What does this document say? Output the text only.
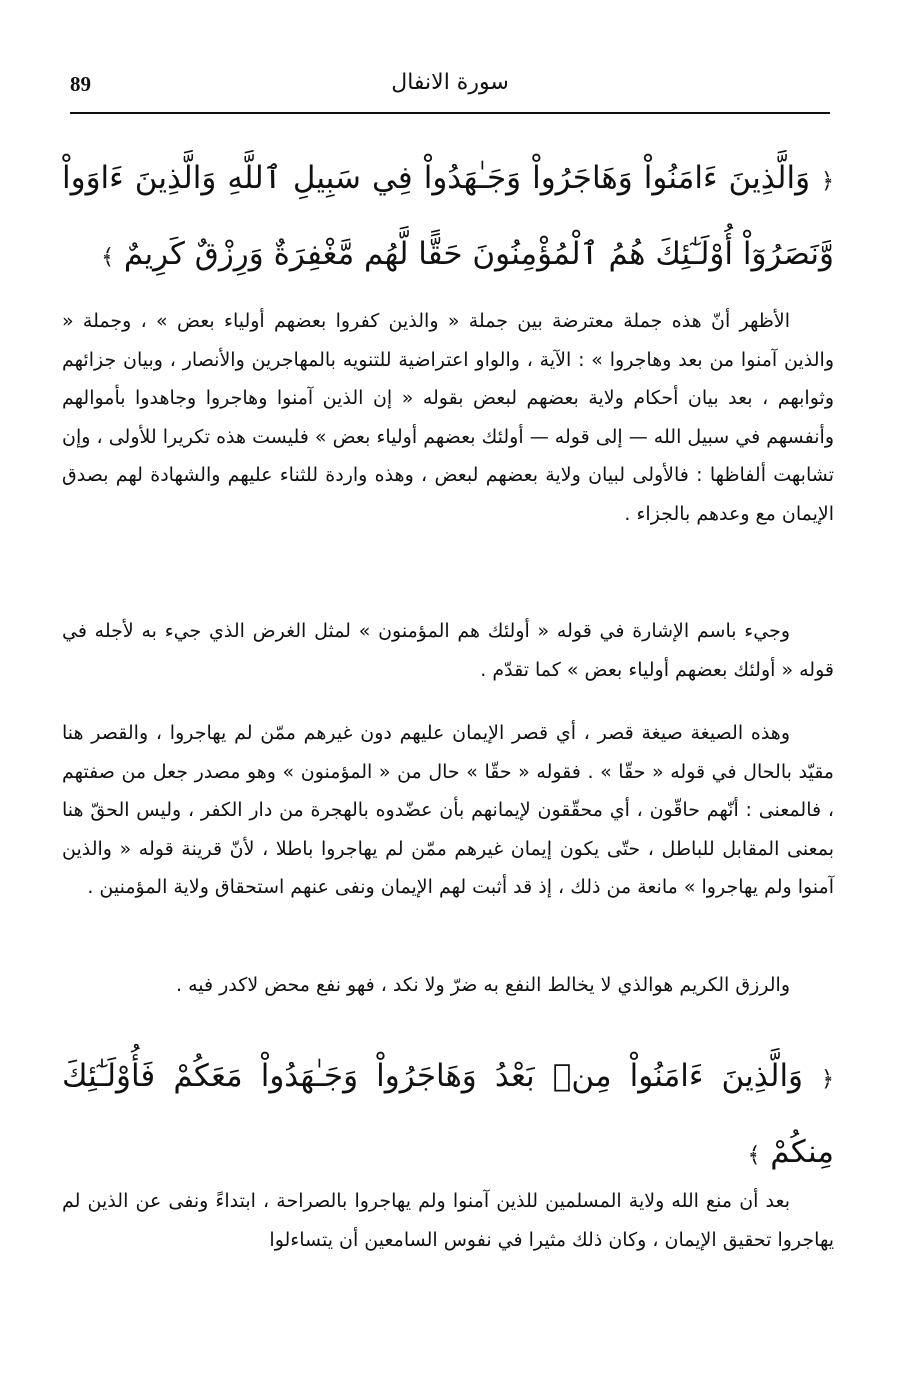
89	سورة الانفال
﴿ وَالَّذِينَ ءَامَنُواْ وَهَاجَرُواْ وَجَـٰهَدُواْ فِي سَبِيلِ ٱللَّهِ وَالَّذِينَ ءَاوَواْ وَّنَصَرُوٓاْ أُوْلَـٰٓئِكَ هُمُ ٱلْمُؤْمِنُونَ حَقًّا لَّهُم مَّغْفِرَةٌ وَرِزْقٌ كَرِيمٌ ﴾
الأظهر أنّ هذه جملة معترضة بين جملة « والذين كفروا بعضهم أولياء بعض » ، وجملة « والذين آمنوا من بعد وهاجروا » : الآية ، والواو اعتراضية للتنويه بالمهاجرين والأنصار ، وبيان جزائهم وثوابهم ، بعد بيان أحكام ولاية بعضهم لبعض بقوله « إن الذين آمنوا وهاجروا وجاهدوا بأموالهم وأنفسهم في سبيل الله — إلى قوله — أولئك بعضهم أولياء بعض » فليست هذه تكريرا للأولى ، وإن تشابهت ألفاظها : فالأولى لبيان ولاية بعضهم لبعض ، وهذه واردة للثناء عليهم والشهادة لهم بصدق الإيمان مع وعدهم بالجزاء .
وجيء باسم الإشارة في قوله « أولئك هم المؤمنون » لمثل الغرض الذي جيء به لأجله في قوله « أولئك بعضهم أولياء بعض » كما تقدّم .
وهذه الصيغة صيغة قصر ، أي قصر الإيمان عليهم دون غيرهم ممّن لم يهاجروا ، والقصر هنا مقيّد بالحال في قوله « حقّا » . فقوله « حقّا » حال من « المؤمنون » وهو مصدر جعل من صفتهم ، فالمعنى : أنّهم حاقّون ، أي محقّقون لإيمانهم بأن عضّدوه بالهجرة من دار الكفر ، وليس الحقّ هنا بمعنى المقابل للباطل ، حتّى يكون إيمان غيرهم ممّن لم يهاجروا باطلا ، لأنّ قرينة قوله « والذين آمنوا ولم يهاجروا » مانعة من ذلك ، إذ قد أثبت لهم الإيمان ونفى عنهم استحقاق ولاية المؤمنين .
والرزق الكريم هوالذي لا يخالط النفع به ضرّ ولا نكد ، فهو نفع محض لاكدر فيه .
﴿ وَالَّذِينَ ءَامَنُواْ مِنۢ بَعْدُ وَهَاجَرُواْ وَجَـٰهَدُواْ مَعَكُمْ فَأُوْلَـٰٓئِكَ مِنكُمْ ﴾
بعد أن منع الله ولاية المسلمين للذين آمنوا ولم يهاجروا بالصراحة ، ابتداءً ونفى عن الذين لم يهاجروا تحقيق الإيمان ، وكان ذلك مثيرا في نفوس السامعين أن يتساءلوا
